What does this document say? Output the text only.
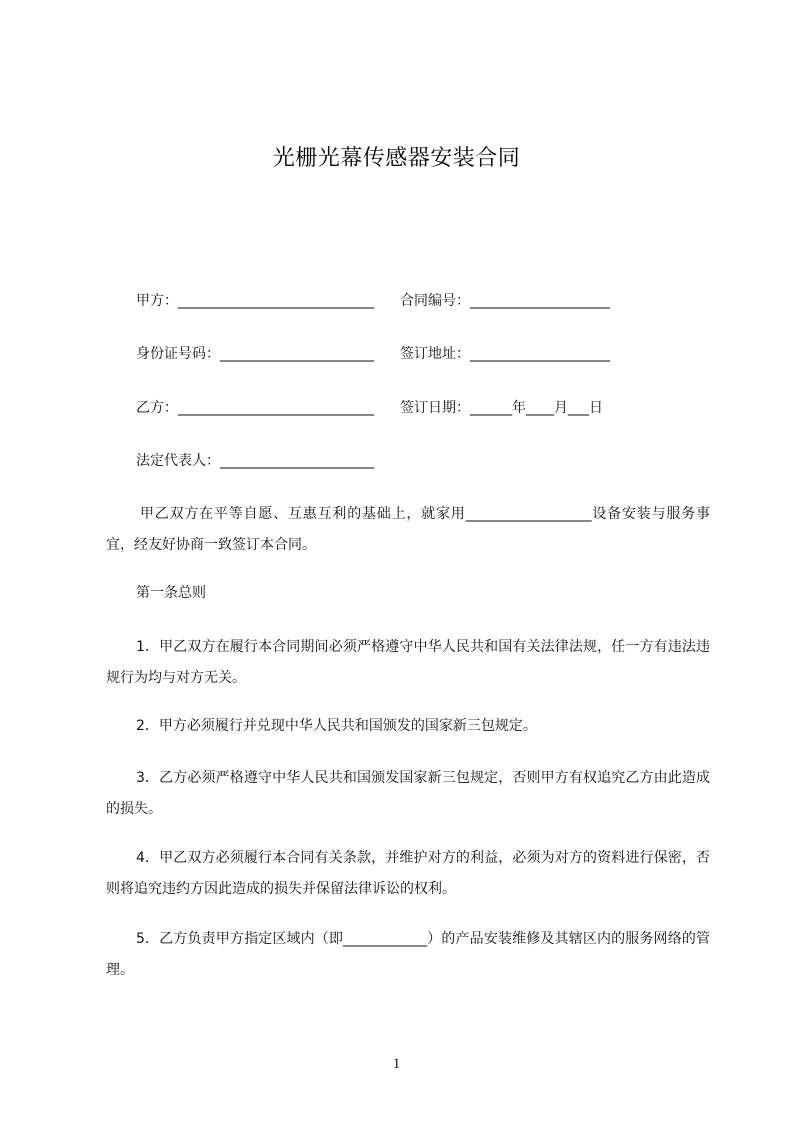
光栅光幕传感器安装合同
甲方：____________________________ 合同编号：____________________
身份证号码：______________________ 签订地址：____________________
乙方：____________________________ 签订日期：______年____月___日
法定代表人：______________________
甲乙双方在平等自愿、互惠互利的基础上，就家用__________________设备安装与服务事宜，经友好协商一致签订本合同。
第一条总则
1．甲乙双方在履行本合同期间必须严格遵守中华人民共和国有关法律法规，任一方有违法违规行为均与对方无关。
2．甲方必须履行并兑现中华人民共和国颁发的国家新三包规定。
3．乙方必须严格遵守中华人民共和国颁发国家新三包规定，否则甲方有权追究乙方由此造成的损失。
4．甲乙双方必须履行本合同有关条款，并维护对方的利益，必须为对方的资料进行保密，否则将追究违约方因此造成的损失并保留法律诉讼的权利。
5．乙方负责甲方指定区域内（即____________）的产品安装维修及其辖区内的服务网络的管理。
1
